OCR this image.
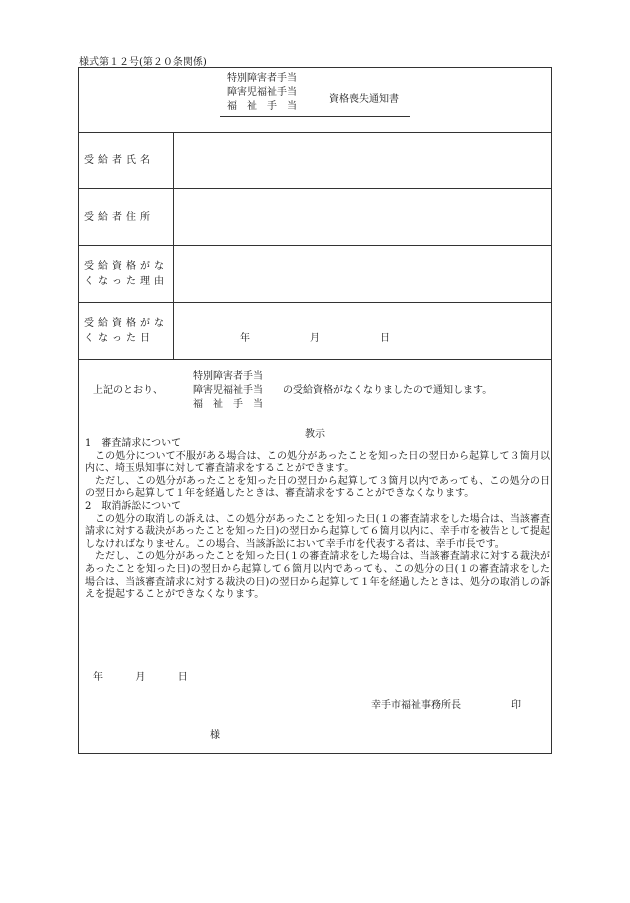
様式第１２号(第２０条関係)
特別障害者手当
障害児福祉手当
福　祉　手　当
資格喪失通知書
受給者氏名
受給者住所
受給資格がなくなった理由
受給資格がなくなった日	年	月	日
上記のとおり、
特別障害者手当
障害児福祉手当
福　祉　手　当
の受給資格がなくなりましたので通知します。
教示

1　審査請求について

この処分について不服がある場合は、この処分があったことを知った日の翌日から起算して３箇月以内に、埼玉県知事に対して審査請求をすることができます。

ただし、この処分があったことを知った日の翌日から起算して３箇月以内であっても、この処分の日の翌日から起算して１年を経過したときは、審査請求をすることができなくなります。

2　取消訴訟について

この処分の取消しの訴えは、この処分があったことを知った日(１の審査請求をした場合は、当該審査請求に対する裁決があったことを知った日)の翌日から起算して６箇月以内に、幸手市を被告として提起しなければなりません。この場合、当該訴訟において幸手市を代表する者は、幸手市長です。

ただし、この処分があったことを知った日(１の審査請求をした場合は、当該審査請求に対する裁決があったことを知った日)の翌日から起算して６箇月以内であっても、この処分の日(１の審査請求をした場合は、当該審査請求に対する裁決の日)の翌日から起算して１年を経過したときは、処分の取消しの訴えを提起することができなくなります。

年	月	日
幸手市福祉事務所長	印
様
